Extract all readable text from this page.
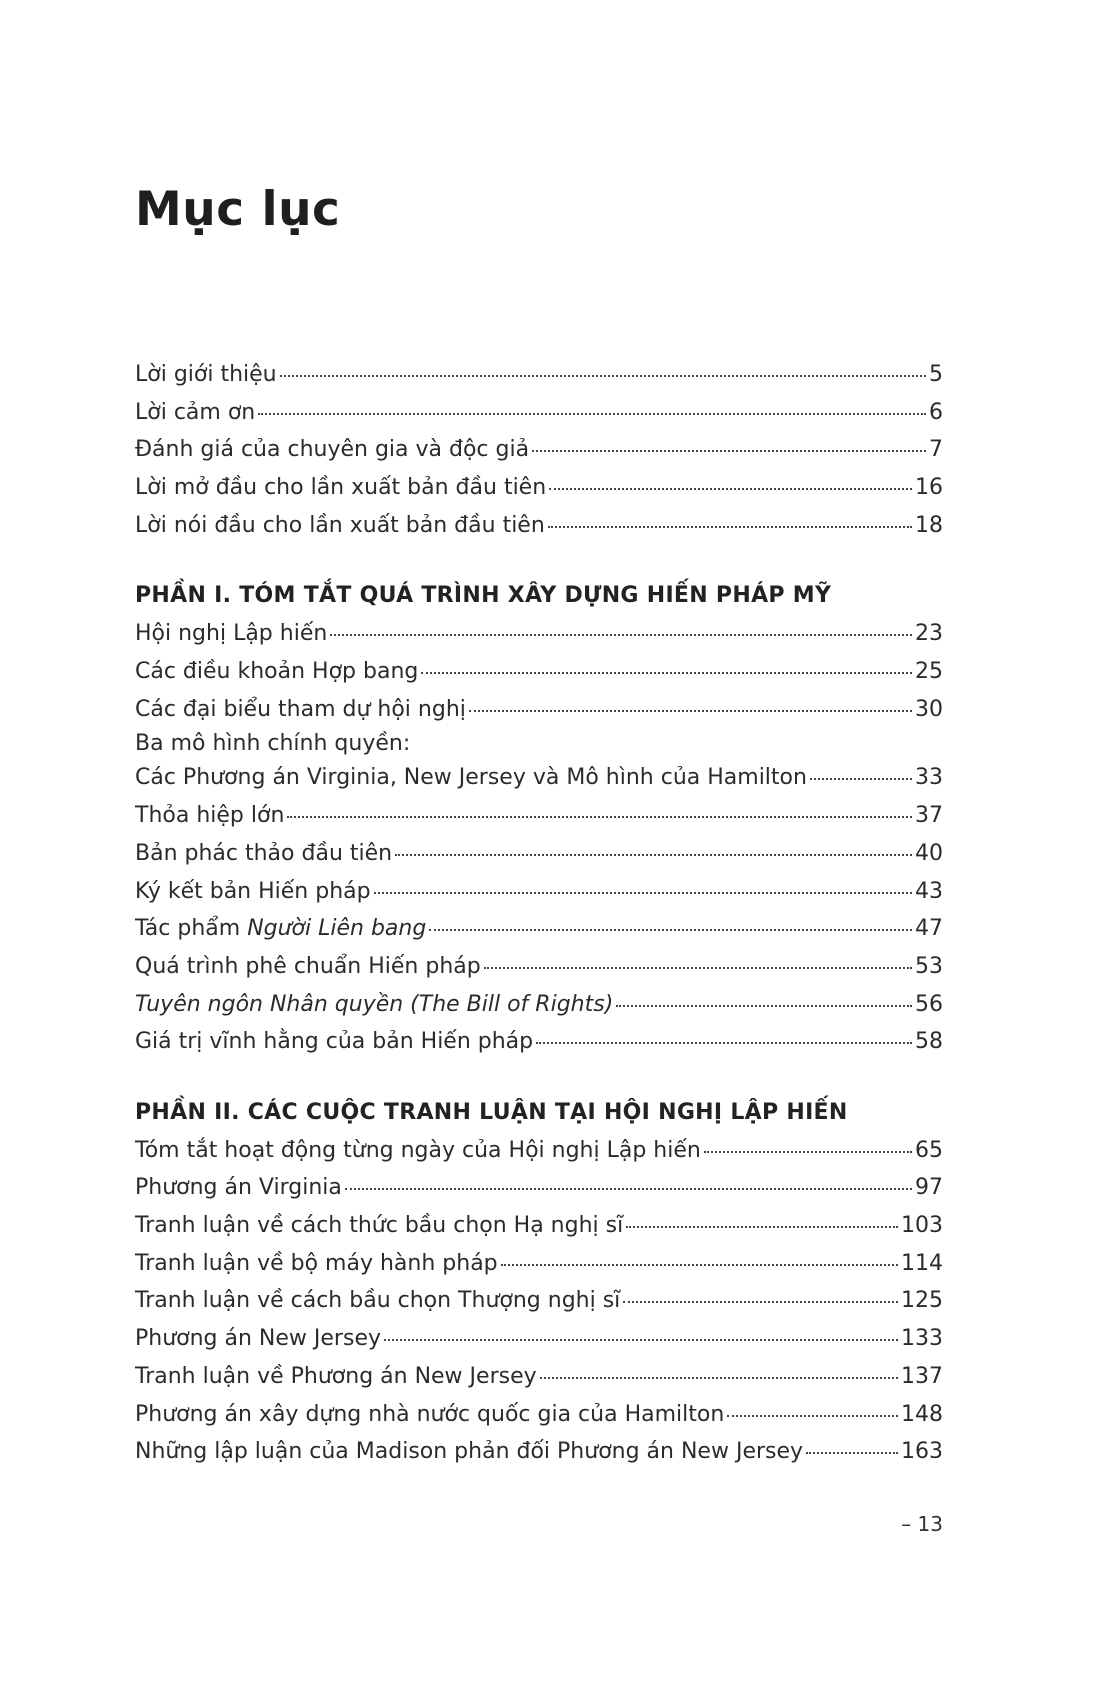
Mục lục
Lời giới thiệu	5
Lời cảm ơn	6
Đánh giá của chuyên gia và độc giả	7
Lời mở đầu cho lần xuất bản đầu tiên	16
Lời nói đầu cho lần xuất bản đầu tiên	18
PHẦN I. TÓM TẮT QUÁ TRÌNH XÂY DỰNG HIẾN PHÁP MỸ
Hội nghị Lập hiến	23
Các điều khoản Hợp bang	25
Các đại biểu tham dự hội nghị	30
Ba mô hình chính quyền:
Các Phương án Virginia, New Jersey và Mô hình của Hamilton	33
Thỏa hiệp lớn	37
Bản phác thảo đầu tiên	40
Ký kết bản Hiến pháp	43
Tác phẩm Người Liên bang	47
Quá trình phê chuẩn Hiến pháp	53
Tuyên ngôn Nhân quyền (The Bill of Rights)	56
Giá trị vĩnh hằng của bản Hiến pháp	58
PHẦN II. CÁC CUỘC TRANH LUẬN TẠI HỘI NGHỊ LẬP HIẾN
Tóm tắt hoạt động từng ngày của Hội nghị Lập hiến	65
Phương án Virginia	97
Tranh luận về cách thức bầu chọn Hạ nghị sĩ	103
Tranh luận về bộ máy hành pháp	114
Tranh luận về cách bầu chọn Thượng nghị sĩ	125
Phương án New Jersey	133
Tranh luận về Phương án New Jersey	137
Phương án xây dựng nhà nước quốc gia của Hamilton	148
Những lập luận của Madison phản đối Phương án New Jersey	163
– 13
